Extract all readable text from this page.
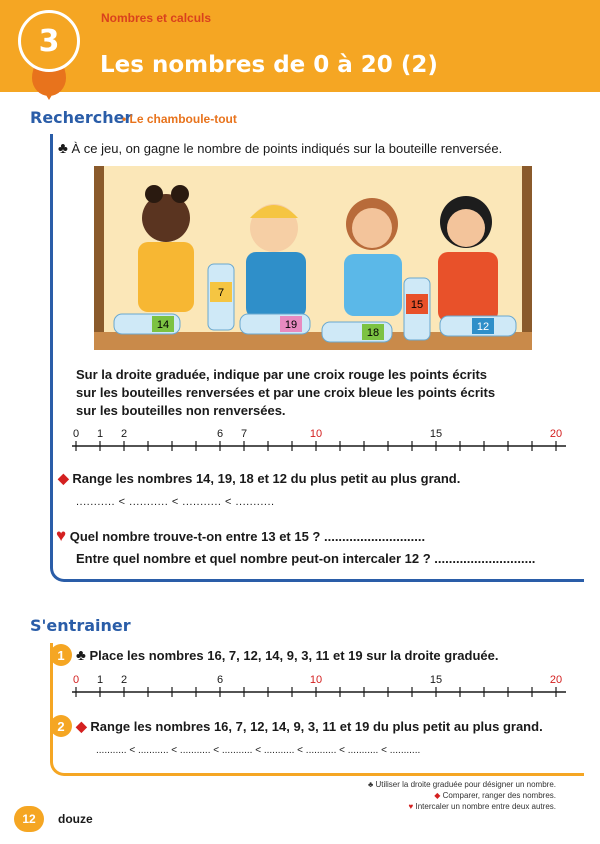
Nombres et calculs
3
Les nombres de 0 à 20 (2)
Rechercher
• Le chamboule-tout
♣ À ce jeu, on gagne le nombre de points indiqués sur la bouteille renversée.
14
7
19
18
15
12
Sur la droite graduée, indique par une croix rouge les points écrits
sur les bouteilles renversées et par une croix bleue les points écrits
sur les bouteilles non renversées.
0 1 2	6 7	10	15	20
◆ Range les nombres 14, 19, 18 et 12 du plus petit au plus grand.
........... < ........... < ........... < ...........
♥ Quel nombre trouve-t-on entre 13 et 15 ? ............................
Entre quel nombre et quel nombre peut-on intercaler 12 ? ............................
S'entrainer
1 ♣ Place les nombres 16, 7, 12, 14, 9, 3, 11 et 19 sur la droite graduée.
0 1 2	6	10	15	20
2 ◆ Range les nombres 16, 7, 12, 14, 9, 3, 11 et 19 du plus petit au plus grand.
........... < ........... < ........... < ........... < ........... < ........... < ........... < ...........
♣ Utiliser la droite graduée pour désigner un nombre.
◆ Comparer, ranger des nombres.
♥ Intercaler un nombre entre deux autres.
12	douze
